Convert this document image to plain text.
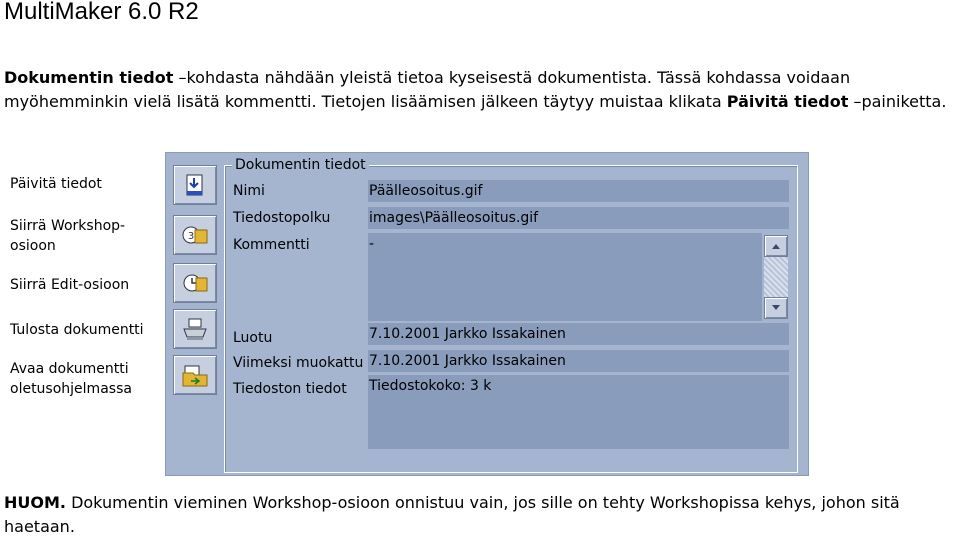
MultiMaker 6.0 R2
Dokumentin tiedot –kohdasta nähdään yleistä tietoa kyseisestä dokumentista. Tässä kohdassa voidaan myöhemminkin vielä lisätä kommentti. Tietojen lisäämisen jälkeen täytyy muistaa klikata Päivitä tiedot –painiketta.
Päivitä tiedot
Siirrä Workshop-
osioon
Siirrä Edit-osioon
Tulosta dokumentti
Avaa dokumentti
oletusohjelmassa
3
Dokumentin tiedot
Nimi	Päälleosoitus.gif
Tiedostopolku	images\Päälleosoitus.gif
Kommentti	-
Luotu	7.10.2001 Jarkko Issakainen
Viimeksi muokattu 7.10.2001 Jarkko Issakainen
Tiedoston tiedot Tiedostokoko: 3 k
HUOM. Dokumentin vieminen Workshop-osioon onnistuu vain, jos sille on tehty Workshopissa kehys, johon sitä haetaan.
